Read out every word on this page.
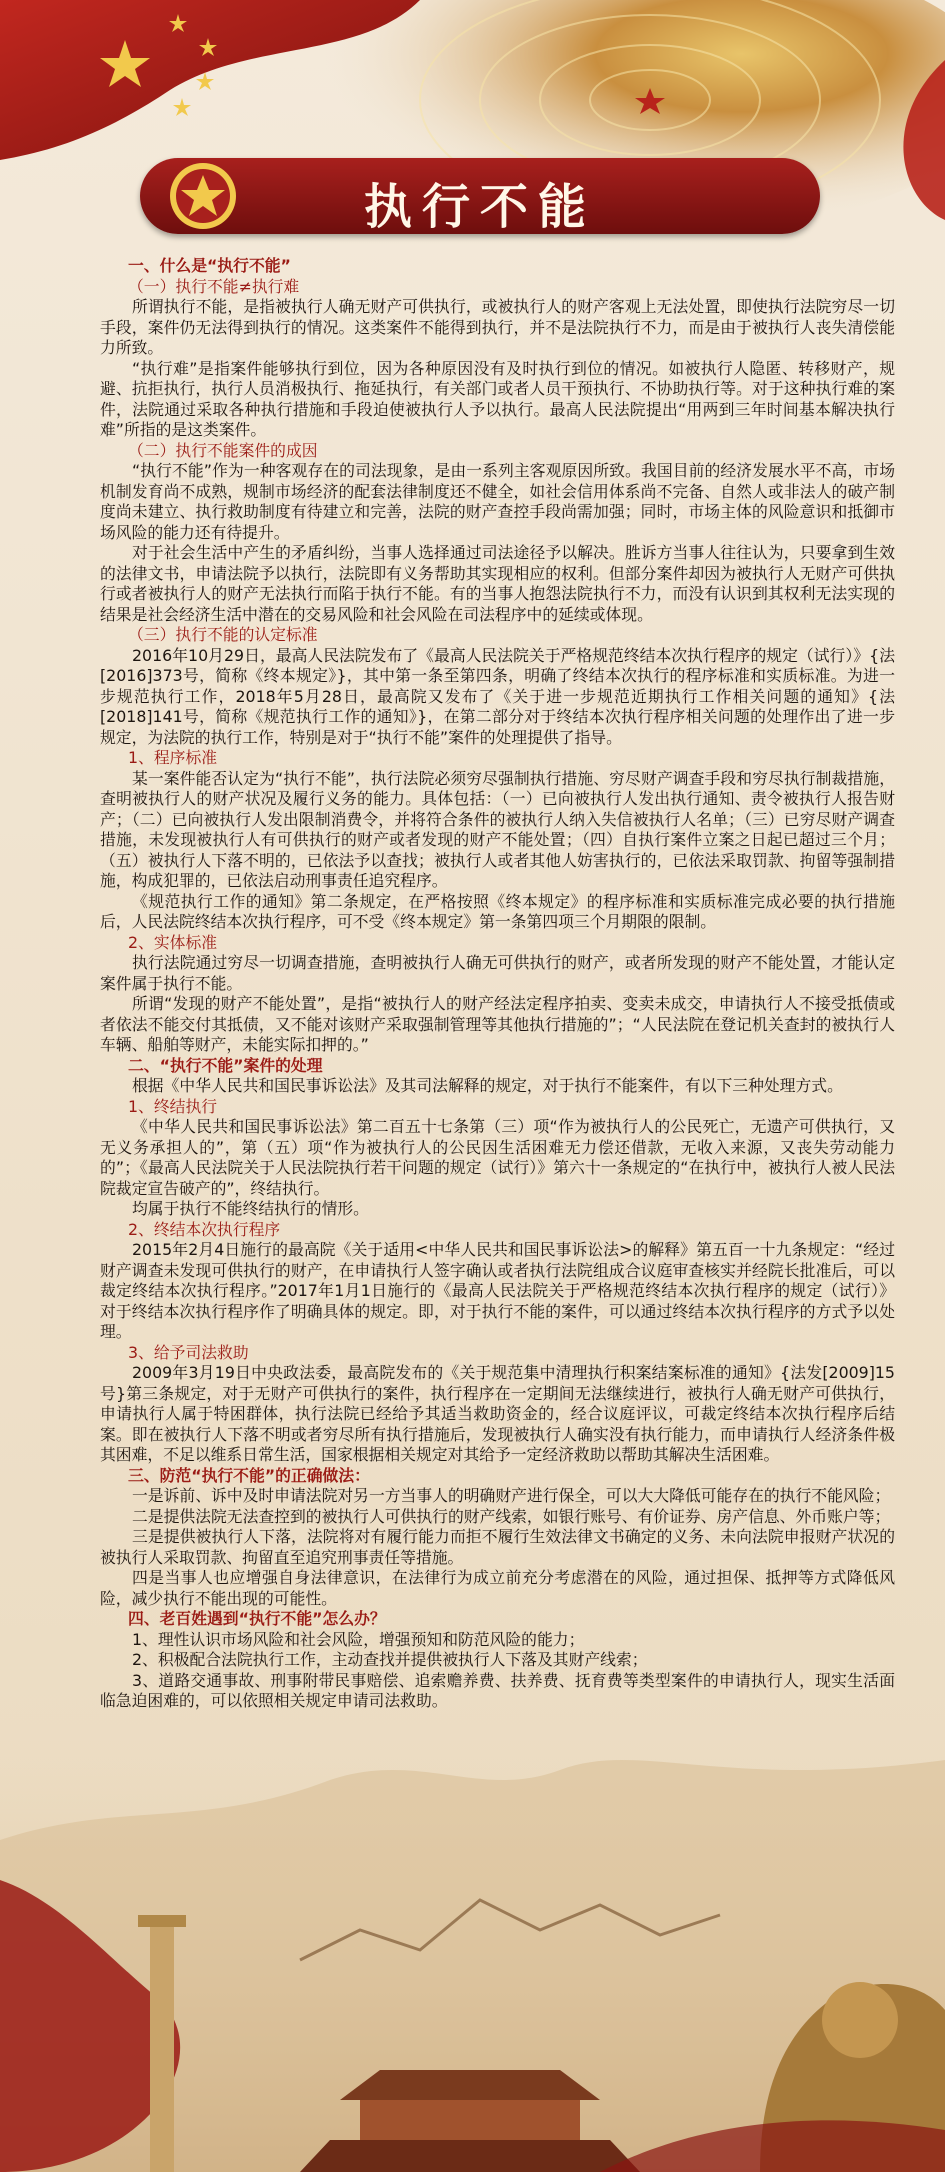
执行不能

一、什么是“执行不能”

（一）执行不能≠执行难

所谓执行不能，是指被执行人确无财产可供执行，或被执行人的财产客观上无法处置，即使执行法院穷尽一切手段，案件仍无法得到执行的情况。这类案件不能得到执行，并不是法院执行不力，而是由于被执行人丧失清偿能力所致。

“执行难”是指案件能够执行到位，因为各种原因没有及时执行到位的情况。如被执行人隐匿、转移财产，规避、抗拒执行，执行人员消极执行、拖延执行，有关部门或者人员干预执行、不协助执行等。对于这种执行难的案件，法院通过采取各种执行措施和手段迫使被执行人予以执行。最高人民法院提出“用两到三年时间基本解决执行难”所指的是这类案件。

（二）执行不能案件的成因

“执行不能”作为一种客观存在的司法现象，是由一系列主客观原因所致。我国目前的经济发展水平不高，市场机制发育尚不成熟，规制市场经济的配套法律制度还不健全，如社会信用体系尚不完备、自然人或非法人的破产制度尚未建立、执行救助制度有待建立和完善，法院的财产查控手段尚需加强；同时，市场主体的风险意识和抵御市场风险的能力还有待提升。

对于社会生活中产生的矛盾纠纷，当事人选择通过司法途径予以解决。胜诉方当事人往往认为，只要拿到生效的法律文书，申请法院予以执行，法院即有义务帮助其实现相应的权利。但部分案件却因为被执行人无财产可供执行或者被执行人的财产无法执行而陷于执行不能。有的当事人抱怨法院执行不力，而没有认识到其权利无法实现的结果是社会经济生活中潜在的交易风险和社会风险在司法程序中的延续或体现。

（三）执行不能的认定标准

2016年10月29日，最高人民法院发布了《最高人民法院关于严格规范终结本次执行程序的规定（试行）》{法[2016]373号，简称《终本规定》}，其中第一条至第四条，明确了终结本次执行的程序标准和实质标准。为进一步规范执行工作，2018年5月28日，最高院又发布了《关于进一步规范近期执行工作相关问题的通知》{法[2018]141号，简称《规范执行工作的通知》}，在第二部分对于终结本次执行程序相关问题的处理作出了进一步规定，为法院的执行工作，特别是对于“执行不能”案件的处理提供了指导。

1、程序标准

某一案件能否认定为“执行不能”，执行法院必须穷尽强制执行措施、穷尽财产调查手段和穷尽执行制裁措施，查明被执行人的财产状况及履行义务的能力。具体包括：（一）已向被执行人发出执行通知、责令被执行人报告财产；（二）已向被执行人发出限制消费令，并将符合条件的被执行人纳入失信被执行人名单；（三）已穷尽财产调查措施，未发现被执行人有可供执行的财产或者发现的财产不能处置；（四）自执行案件立案之日起已超过三个月；（五）被执行人下落不明的，已依法予以查找；被执行人或者其他人妨害执行的，已依法采取罚款、拘留等强制措施，构成犯罪的，已依法启动刑事责任追究程序。

《规范执行工作的通知》第二条规定，在严格按照《终本规定》的程序标准和实质标准完成必要的执行措施后，人民法院终结本次执行程序，可不受《终本规定》第一条第四项三个月期限的限制。

2、实体标准

执行法院通过穷尽一切调查措施，查明被执行人确无可供执行的财产，或者所发现的财产不能处置，才能认定案件属于执行不能。

所谓“发现的财产不能处置”，是指“被执行人的财产经法定程序拍卖、变卖未成交，申请执行人不接受抵债或者依法不能交付其抵债，又不能对该财产采取强制管理等其他执行措施的”；“人民法院在登记机关查封的被执行人车辆、船舶等财产，未能实际扣押的。”

二、“执行不能”案件的处理

根据《中华人民共和国民事诉讼法》及其司法解释的规定，对于执行不能案件，有以下三种处理方式。

1、终结执行

《中华人民共和国民事诉讼法》第二百五十七条第（三）项“作为被执行人的公民死亡，无遗产可供执行，又无义务承担人的”，第（五）项“作为被执行人的公民因生活困难无力偿还借款，无收入来源，又丧失劳动能力的”；《最高人民法院关于人民法院执行若干问题的规定（试行）》第六十一条规定的“在执行中，被执行人被人民法院裁定宣告破产的”，终结执行。

均属于执行不能终结执行的情形。

2、终结本次执行程序

2015年2月4日施行的最高院《关于适用<中华人民共和国民事诉讼法>的解释》第五百一十九条规定：“经过财产调查未发现可供执行的财产，在申请执行人签字确认或者执行法院组成合议庭审查核实并经院长批准后，可以裁定终结本次执行程序。”2017年1月1日施行的《最高人民法院关于严格规范终结本次执行程序的规定（试行）》对于终结本次执行程序作了明确具体的规定。即，对于执行不能的案件，可以通过终结本次执行程序的方式予以处理。

3、给予司法救助

2009年3月19日中央政法委，最高院发布的《关于规范集中清理执行积案结案标准的通知》{法发[2009]15号}第三条规定，对于无财产可供执行的案件，执行程序在一定期间无法继续进行，被执行人确无财产可供执行，申请执行人属于特困群体，执行法院已经给予其适当救助资金的，经合议庭评议，可裁定终结本次执行程序后结案。即在被执行人下落不明或者穷尽所有执行措施后，发现被执行人确实没有执行能力，而申请执行人经济条件极其困难，不足以维系日常生活，国家根据相关规定对其给予一定经济救助以帮助其解决生活困难。

三、防范“执行不能”的正确做法：

一是诉前、诉中及时申请法院对另一方当事人的明确财产进行保全，可以大大降低可能存在的执行不能风险；

二是提供法院无法查控到的被执行人可供执行的财产线索，如银行账号、有价证券、房产信息、外币账户等；

三是提供被执行人下落，法院将对有履行能力而拒不履行生效法律文书确定的义务、未向法院申报财产状况的被执行人采取罚款、拘留直至追究刑事责任等措施。

四是当事人也应增强自身法律意识，在法律行为成立前充分考虑潜在的风险，通过担保、抵押等方式降低风险，减少执行不能出现的可能性。

四、老百姓遇到“执行不能”怎么办？

1、理性认识市场风险和社会风险，增强预知和防范风险的能力；

2、积极配合法院执行工作，主动查找并提供被执行人下落及其财产线索；

3、道路交通事故、刑事附带民事赔偿、追索赡养费、扶养费、抚育费等类型案件的申请执行人，现实生活面临急迫困难的，可以依照相关规定申请司法救助。
